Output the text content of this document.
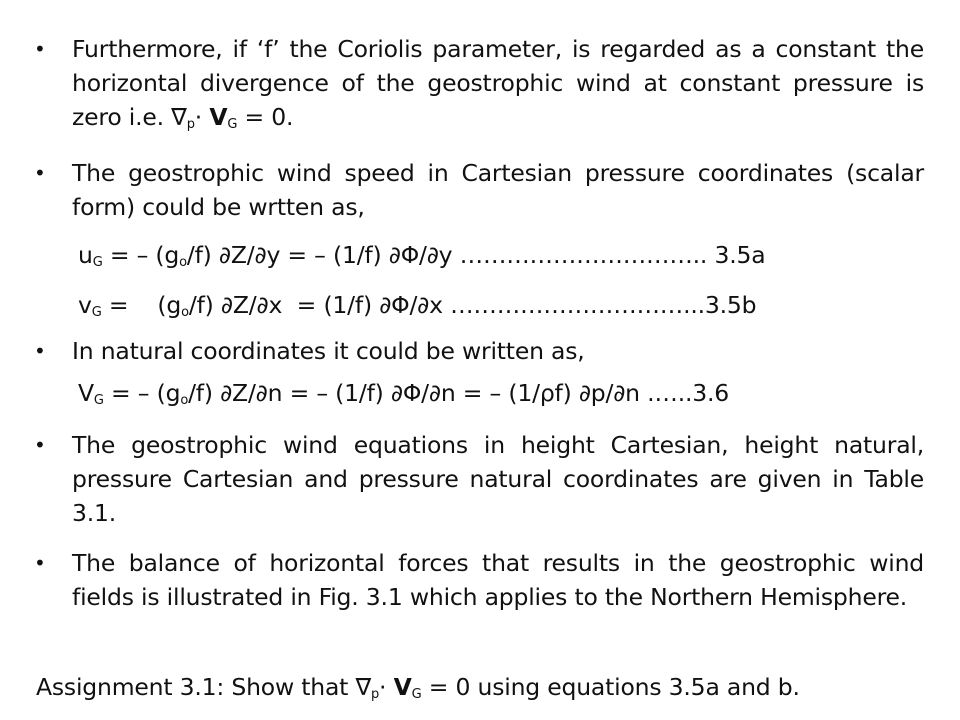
• Furthermore, if ‘f’ the Coriolis parameter, is regarded as a constant the horizontal divergence of the geostrophic wind at constant pressure is zero i.e. $\nabla_p\cdot V_G = 0$.
• The geostrophic wind speed in Cartesian pressure coordinates (scalar form) could be wrtten as,
$u_G$ = – $(g_o/f) \partial Z/\partial y$ = – (1/f) ∂Φ/∂y ………………………….. 3.5a
$v_G$ =    $(g_o/f) \partial Z/\partial x = (1/f)$ ∂Φ/∂x …………………………...3.5b
• In natural coordinates it could be written as,
$V_G$ = – $(g_o/f) \partial Z/\partial n$ = – (1/f) ∂Φ/∂n = – (1/ρf) ∂p/∂n .…..3.6
• The geostrophic wind equations in height Cartesian, height natural, pressure Cartesian and pressure natural coordinates are given in Table 3.1.
• The balance of horizontal forces that results in the geostrophic wind fields is illustrated in Fig. 3.1 which applies to the Northern Hemisphere.
Assignment 3.1: Show that $\nabla_p\cdot V_G = 0$ using equations 3.5a and b.
